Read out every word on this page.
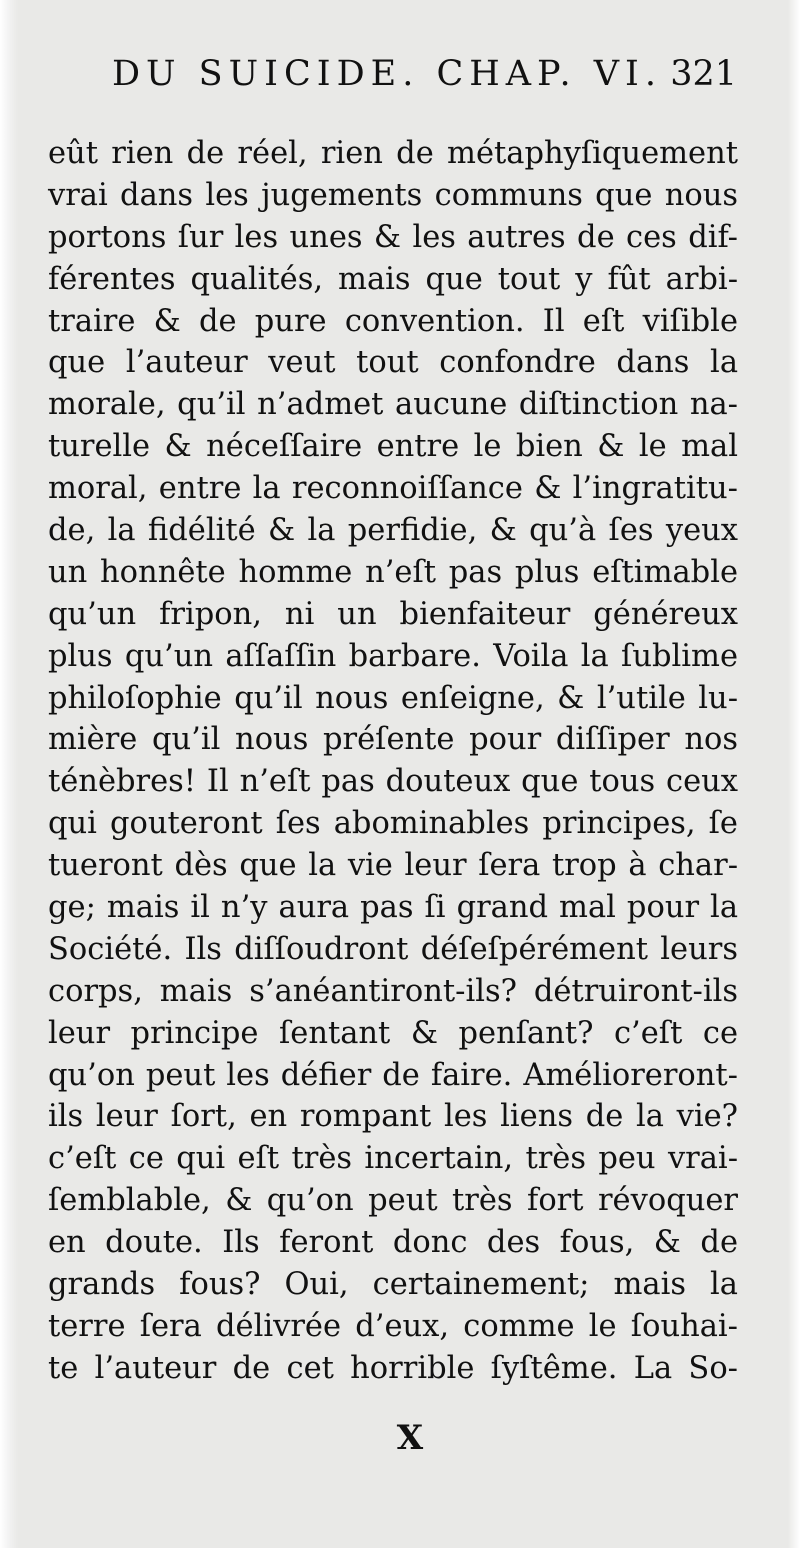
DU SUICIDE. CHAP. VI. 321
eût rien de réel, rien de métaphyſiquement
vrai dans les jugements communs que nous
portons ſur les unes & les autres de ces dif-
férentes qualités, mais que tout y fût arbi-
traire & de pure convention. Il eſt viſible
que l’auteur veut tout confondre dans la
morale, qu’il n’admet aucune diſtinction na-
turelle & néceſſaire entre le bien & le mal
moral, entre la reconnoiſſance & l’ingratitu-
de, la fidélité & la perfidie, & qu’à ſes yeux
un honnête homme n’eſt pas plus eſtimable
qu’un fripon, ni un bienfaiteur généreux
plus qu’un aſſaſſin barbare. Voila la ſublime
philoſophie qu’il nous enſeigne, & l’utile lu-
mière qu’il nous préſente pour diſſiper nos
ténèbres! Il n’eſt pas douteux que tous ceux
qui gouteront ſes abominables principes, ſe
tueront dès que la vie leur ſera trop à char-
ge; mais il n’y aura pas ſi grand mal pour la
Société. Ils diſſoudront déſeſpérément leurs
corps, mais s’anéantiront-ils? détruiront-ils
leur principe ſentant & penſant? c’eſt ce
qu’on peut les défier de faire. Amélioreront-
ils leur ſort, en rompant les liens de la vie?
c’eſt ce qui eſt très incertain, très peu vrai-
ſemblable, & qu’on peut très fort révoquer
en doute. Ils feront donc des fous, & de
grands fous? Oui, certainement; mais la
terre ſera délivrée d’eux, comme le ſouhai-
te l’auteur de cet horrible ſyſtême. La So-
X
